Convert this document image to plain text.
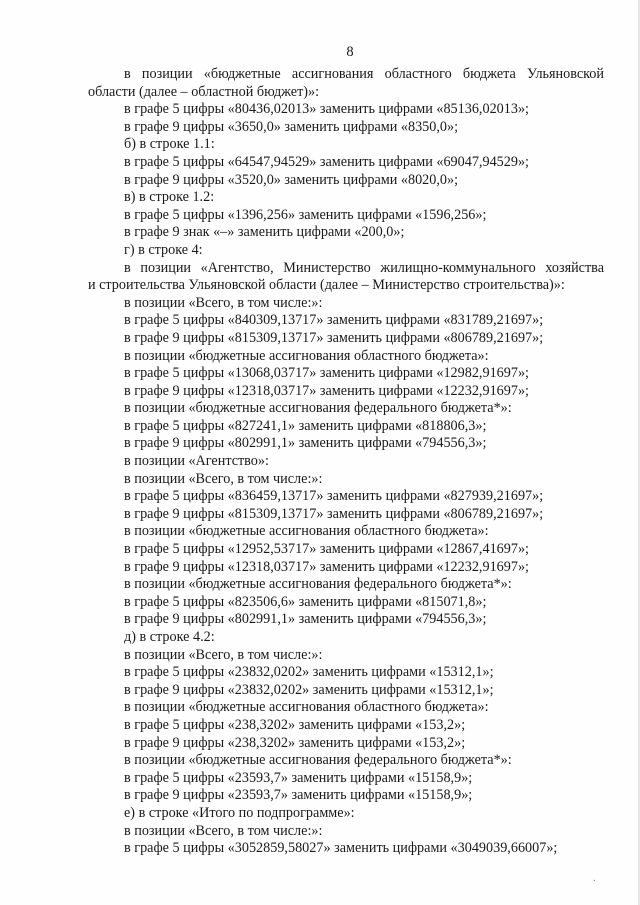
8
в позиции «бюджетные ассигнования областного бюджета Ульяновской
области (далее – областной бюджет)»:
в графе 5 цифры «80436,02013» заменить цифрами «85136,02013»;
в графе 9 цифры «3650,0» заменить цифрами «8350,0»;
б) в строке 1.1:
в графе 5 цифры «64547,94529» заменить цифрами «69047,94529»;
в графе 9 цифры «3520,0» заменить цифрами «8020,0»;
в) в строке 1.2:
в графе 5 цифры «1396,256» заменить цифрами «1596,256»;
в графе 9 знак «–» заменить цифрами «200,0»;
г) в строке 4:
в позиции «Агентство, Министерство жилищно-коммунального хозяйства
и строительства Ульяновской области (далее – Министерство строительства)»:
в позиции «Всего, в том числе:»:
в графе 5 цифры «840309,13717» заменить цифрами «831789,21697»;
в графе 9 цифры «815309,13717» заменить цифрами «806789,21697»;
в позиции «бюджетные ассигнования областного бюджета»:
в графе 5 цифры «13068,03717» заменить цифрами «12982,91697»;
в графе 9 цифры «12318,03717» заменить цифрами «12232,91697»;
в позиции «бюджетные ассигнования федерального бюджета*»:
в графе 5 цифры «827241,1» заменить цифрами «818806,3»;
в графе 9 цифры «802991,1» заменить цифрами «794556,3»;
в позиции «Агентство»:
в позиции «Всего, в том числе:»:
в графе 5 цифры «836459,13717» заменить цифрами «827939,21697»;
в графе 9 цифры «815309,13717» заменить цифрами «806789,21697»;
в позиции «бюджетные ассигнования областного бюджета»:
в графе 5 цифры «12952,53717» заменить цифрами «12867,41697»;
в графе 9 цифры «12318,03717» заменить цифрами «12232,91697»;
в позиции «бюджетные ассигнования федерального бюджета*»:
в графе 5 цифры «823506,6» заменить цифрами «815071,8»;
в графе 9 цифры «802991,1» заменить цифрами «794556,3»;
д) в строке 4.2:
в позиции «Всего, в том числе:»:
в графе 5 цифры «23832,0202» заменить цифрами «15312,1»;
в графе 9 цифры «23832,0202» заменить цифрами «15312,1»;
в позиции «бюджетные ассигнования областного бюджета»:
в графе 5 цифры «238,3202» заменить цифрами «153,2»;
в графе 9 цифры «238,3202» заменить цифрами «153,2»;
в позиции «бюджетные ассигнования федерального бюджета*»:
в графе 5 цифры «23593,7» заменить цифрами «15158,9»;
в графе 9 цифры «23593,7» заменить цифрами «15158,9»;
е) в строке «Итого по подпрограмме»:
в позиции «Всего, в том числе:»:
в графе 5 цифры «3052859,58027» заменить цифрами «3049039,66007»;
·
